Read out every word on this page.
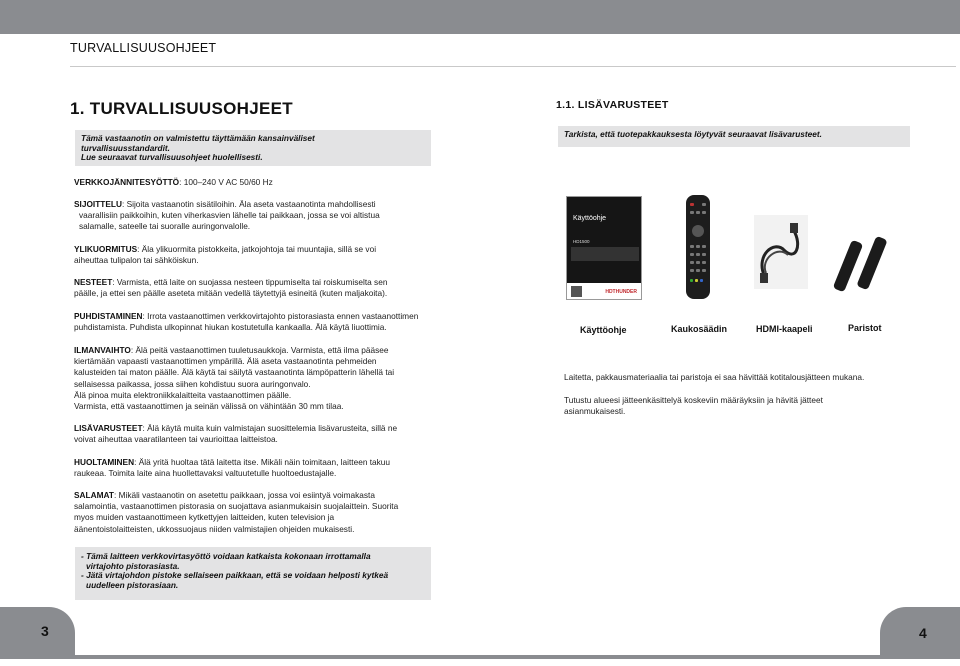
TURVALLISUUSOHJEET
1. TURVALLISUUSOHJEET
Tämä vastaanotin on valmistettu täyttämään kansainväliset
turvallisuusstandardit.
Lue seuraavat turvallisuusohjeet huolellisesti.
VERKKOJÄNNITESYÖTTÖ: 100–240 V AC 50/60 Hz
SIJOITTELU: Sijoita vastaanotin sisätiloihin. Äla aseta vastaanotinta mahdollisesti
vaarallisiin paikkoihin, kuten viherkasvien lähelle tai paikkaan, jossa se voi altistua
salamalle, sateelle tai suoralle auringonvalolle.
YLIKUORMITUS: Äla ylikuormita pistokkeita, jatkojohtoja tai muuntajia, sillä se voi
aiheuttaa tulipalon tai sähköiskun.
NESTEET: Varmista, että laite on suojassa nesteen tippumiselta tai roiskumiselta sen
päälle, ja ettei sen päälle aseteta mitään vedellä täytettyjä esineitä (kuten maljakoita).
PUHDISTAMINEN: Irrota vastaanottimen verkkovirtajohto pistorasiasta ennen vastaanottimen
puhdistamista. Puhdista ulkopinnat hiukan kostutetulla kankaalla. Älä käytä liuottimia.
ILMANVAIHTO: Älä peitä vastaanottimen tuuletusaukkoja. Varmista, että ilma pääsee
kiertämään vapaasti vastaanottimen ympärillä. Älä aseta vastaanotinta pehmeiden
kalusteiden tai maton päälle. Älä käytä tai säilytä vastaanotinta lämpöpatterin lähellä tai
sellaisessa paikassa, jossa siihen kohdistuu suora auringonvalo.
Älä pinoa muita elektroniikkalaitteita vastaanottimen päälle.
Varmista, että vastaanottimen ja seinän välissä on vähintään 30 mm tilaa.
LISÄVARUSTEET: Älä käytä muita kuin valmistajan suosittelemia lisävarusteita, sillä ne
voivat aiheuttaa vaaratilanteen tai vaurioittaa laitteistoa.
HUOLTAMINEN: Älä yritä huoltaa tätä laitetta itse. Mikäli näin toimitaan, laitteen takuu
raukeaa. Toimita laite aina huollettavaksi valtuutetulle huoltoedustajalle.
SALAMAT: Mikäli vastaanotin on asetettu paikkaan, jossa voi esiintyä voimakasta
salamointia, vastaanottimen pistorasia on suojattava asianmukaisin suojalaittein. Suorita
myos muiden vastaanottimeen kytkettyjen laitteiden, kuten television ja
äänentoistolaitteisten, ukkossuojaus niiden valmistajien ohjeiden mukaisesti.
- Tämä laitteen verkkovirtasyöttö voidaan katkaista kokonaan irrottamalla
virtajohto pistorasiasta.
- Jätä virtajohdon pistoke sellaiseen paikkaan, että se voidaan helposti kytkeä
uudelleen pistorasiaan.
1.1. LISÄVARUSTEET
Tarkista, että tuotepakkauksesta löytyvät seuraavat lisävarusteet.
Käyttöohje
HD1500
HDTHUNDER
Käyttöohje	Kaukosäädin	HDMI-kaapeli	Paristot
Laitetta, pakkausmateriaalia tai paristoja ei saa hävittää kotitalousjätteen mukana.
Tutustu alueesi jätteenkäsittelyä koskeviin määräyksiin ja hävitä jätteet
asianmukaisesti.
3	4
